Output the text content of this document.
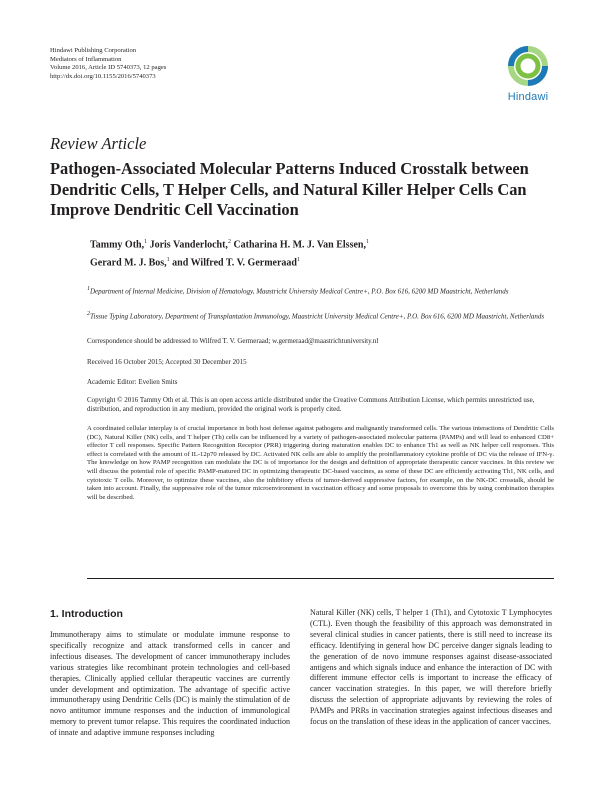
Hindawi Publishing Corporation
Mediators of Inflammation
Volume 2016, Article ID 5740373, 12 pages
http://dx.doi.org/10.1155/2016/5740373
Hindawi
Review Article
Pathogen-Associated Molecular Patterns Induced Crosstalk between Dendritic Cells, T Helper Cells, and Natural Killer Helper Cells Can Improve Dendritic Cell Vaccination
Tammy Oth,$^1$ Joris Vanderlocht,$^2$ Catharina H. M. J. Van Elssen,$^1$
Gerard M. J. Bos,$^1$ and Wilfred T. V. Germeraad$^1$
$^1$Department of Internal Medicine, Division of Hematology, Maastricht University Medical Centre+, P.O. Box 616, 6200 MD Maastricht, Netherlands
$^2$Tissue Typing Laboratory, Department of Transplantation Immunology, Maastricht University Medical Centre+, P.O. Box 616, 6200 MD Maastricht, Netherlands
Correspondence should be addressed to Wilfred T. V. Germeraad; w.germeraad@maastrichtuniversity.nl
Received 16 October 2015; Accepted 30 December 2015
Academic Editor: Evelien Smits
Copyright © 2016 Tammy Oth et al. This is an open access article distributed under the Creative Commons Attribution License, which permits unrestricted use, distribution, and reproduction in any medium, provided the original work is properly cited.
A coordinated cellular interplay is of crucial importance in both host defense against pathogens and malignantly transformed cells. The various interactions of Dendritic Cells (DC), Natural Killer (NK) cells, and T helper (Th) cells can be influenced by a variety of pathogen-associated molecular patterns (PAMPs) and will lead to enhanced CD8+ effector T cell responses. Specific Pattern Recognition Receptor (PRR) triggering during maturation enables DC to enhance Th1 as well as NK helper cell responses. This effect is correlated with the amount of IL-12p70 released by DC. Activated NK cells are able to amplify the proinflammatory cytokine profile of DC via the release of IFN-γ. The knowledge on how PAMP recognition can modulate the DC is of importance for the design and definition of appropriate therapeutic cancer vaccines. In this review we will discuss the potential role of specific PAMP-matured DC in optimizing therapeutic DC-based vaccines, as some of these DC are efficiently activating Th1, NK cells, and cytotoxic T cells. Moreover, to optimize these vaccines, also the inhibitory effects of tumor-derived suppressive factors, for example, on the NK-DC crosstalk, should be taken into account. Finally, the suppressive role of the tumor microenvironment in vaccination efficacy and some proposals to overcome this by using combination therapies will be described.
1. Introduction
Immunotherapy aims to stimulate or modulate immune response to specifically recognize and attack transformed cells in cancer and infectious diseases. The development of cancer immunotherapy includes various strategies like recombinant protein technologies and cell-based therapies. Clinically applied cellular therapeutic vaccines are currently under development and optimization. The advantage of specific active immunotherapy using Dendritic Cells (DC) is mainly the stimulation of de novo antitumor immune responses and the induction of immunological memory to prevent tumor relapse. This requires the coordinated induction of innate and adaptive immune responses including
Natural Killer (NK) cells, T helper 1 (Th1), and Cytotoxic T Lymphocytes (CTL). Even though the feasibility of this approach was demonstrated in several clinical studies in cancer patients, there is still need to increase its efficacy. Identifying in general how DC perceive danger signals leading to the generation of de novo immune responses against disease-associated antigens and which signals induce and enhance the interaction of DC with different immune effector cells is important to increase the efficacy of cancer vaccination strategies. In this paper, we will therefore briefly discuss the selection of appropriate adjuvants by reviewing the roles of PAMPs and PRRs in vaccination strategies against infectious diseases and focus on the translation of these ideas in the application of cancer vaccines.
